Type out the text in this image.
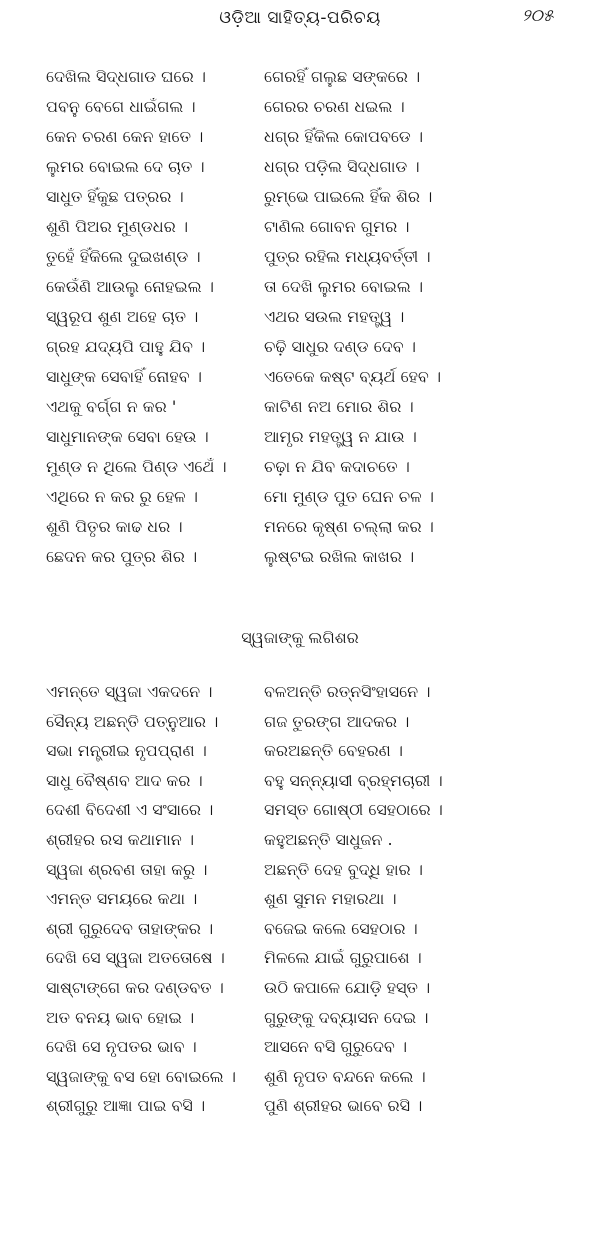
ଓଡ଼ିଆ ସାହିତ୍ୟ-ପରିଚୟ	୨୦୫
ଦେଖିଲ ସିଦ୍ଧଗାଡ ଘରେ ।	ଗେରହିଁ ଗଲୁଛ ସଙ୍କରେ ।
ପବନୁ ବେଗେ ଧାଇଁଗଲ ।	ଗେରର ଚରଣ ଧଇଲ ।
କେନ ଚରଣ କେନ ହାତେ ।	ଧଗ୍ର ହିଁକିଲ କୋପବଡେ ।
ଲୁମର ବୋଇଲ ଦେ ଚାତ ।	ଧଗ୍ର ପଡ଼ିଲ ସିଦ୍ଧଗାଡ ।
ସାଧୁତ ହିଁକୁଛ ପତ୍ରର ।	ରୁମ୍ଭେ ପାଇଲେ ହିଁକ ଶିର ।
ଶୁଣି ପିଅର ମୁଣ୍ଡଧର ।	ଟାଣିଲ ଗୋବନ ଗୁମର ।
ତୁହେଁ ହିଁକିଲେ ଦୁଇଖଣ୍ଡ ।	ପୁତ୍ର ରହିଲ ମଧ୍ୟବର୍ତ୍ତୀ ।
କେଉଁଣି ଆଉଲୁ ନୋହଇଲ ।	ତା ଦେଖି ଲୁମର ବୋଇଲ ।
ସ୍ୱରୂପ ଶୁଣ ଅହେ ଚାତ ।	ଏଥର ସଉଲ ମହତ୍ତ୍ୱ ।
ଗ୍ରହ ଯଦ୍ୟପି ପାହୁ ଯିବ ।	ଚଢ଼ି ସାଧୁର ଦଣ୍ଡ ଦେବ ।
ସାଧୁଙ୍କ ସେବାହିଁ ନୋହବ ।	ଏତେକେ କଷ୍ଟ ବ୍ୟର୍ଥ ହେବ ।
ଏଥକୁ ବର୍ଗ୍ଗ ନ କର '	କାଟିଣ ନଅ ମୋର ଶିର ।
ସାଧୁମାନଙ୍କ ସେବା ହେଉ ।	ଆମୃର ମହତ୍ତ୍ୱ ନ ଯାଉ ।
ମୁଣ୍ଡ ନ ଥିଲେ ପିଣ୍ଡ ଏଥେଁ ।	ଚଢ଼ା ନ ଯିବ କଦାଚତେ ।
ଏଥିରେ ନ କର ରୁ ହେଳ ।	ମୋ ମୁଣ୍ଡ ପୁତ ଘେନ ଚଳ ।
ଶୁଣି ପିତୃର କାଢ ଧର ।	ମନରେ କୃଷ୍ଣ ଚଲ୍ଲା କର ।
ଛେଦନ କର ପୁତ୍ର ଶିର ।	ଲୁଷ୍ଟଇ ରଖିଲ କାଖର ।
ସ୍ୱଜାଙ୍କୁ ଲଗିଶର
ଏମନ୍ତେ ସ୍ୱଜା ଏକଦନେ ।	ବଳଅନ୍ତି ରତ୍ନସିଂହାସନେ ।
ସୈନ୍ୟ ଅଛନ୍ତି ପତ୍ନୁଆର ।	ଗଜ ତୁରଙ୍ଗ ଆଦକର ।
ସଭା ମନ୍ତ୍ରୀଇ ନୃପପ୍ରାଣ ।	କରଅଛନ୍ତି ବେହରଣ ।
ସାଧୁ ବୈଷ୍ଣବ ଆଦ କର ।	ବହୁ ସନ୍ନ୍ୟାସୀ ବ୍ରହ୍ମଚାରୀ ।
ଦେଶୀ ବିଦେଶୀ ଏ ସଂସାରେ ।	ସମସ୍ତ ଗୋଷ୍ଠୀ ସେହଠାରେ ।
ଶ୍ରୀହର ରସ କଥାମାନ ।	କହୁଅଛନ୍ତି ସାଧୁଜନ .
ସ୍ୱଜା ଶ୍ରବଣ ତାହା କରୁ ।	ଅଛନ୍ତି ଦେହ ବୁଦ୍ଧି ହାର ।
ଏମନ୍ତ ସମୟରେ କଥା ।	ଶୁଣ ସୁମନ ମହାରଥା ।
ଶ୍ରୀ ଗୁରୁଦେବ ତାହାଙ୍କର ।	ବଜେଇ କଲେ ସେହଠାର ।
ଦେଖି ସେ ସ୍ୱଜା ଅତତୋଷେ ।	ମିଳଲେ ଯାଇଁ ଗୁରୁପାଶେ ।
ସାଷ୍ଟାଙ୍ଗେ କର ଦଣ୍ଡବତ ।	ଉଠି କପାଳେ ଯୋଡ଼ି ହସ୍ତ ।
ଅତ ବନୟ ଭାବ ହୋଇ ।	ଗୁରୁଙ୍କୁ ଦବ୍ୟାସନ ଦେଇ ।
ଦେଖି ସେ ନୃପତର ଭାବ ।	ଆସନେ ବସି ଗୁରୁଦେବ ।
ସ୍ୱଜାଙ୍କୁ ବସ ହୋ ବୋଇଲେ ।	ଶୁଣି ନୃପତ ବନ୍ଦନେ କଲେ ।
ଶ୍ରୀଗୁରୁ ଆଜ୍ଞା ପାଇ ବସି ।	ପୁଣି ଶ୍ରୀହର ଭାବେ ରସି ।
